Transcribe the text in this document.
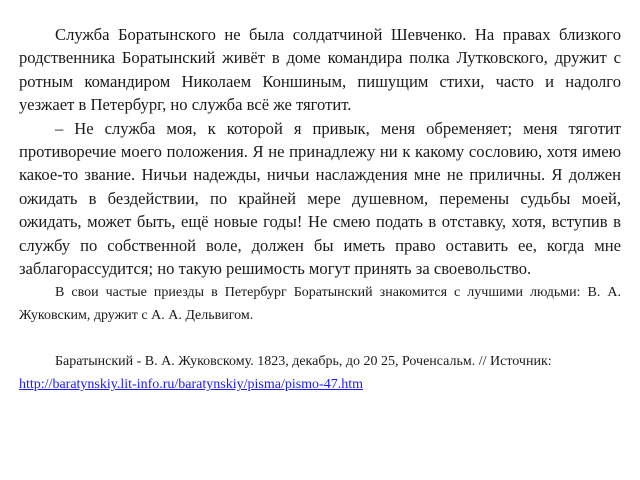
Служба Боратынского не была солдатчиной Шевченко. На правах близкого родственника Боратынский живёт в доме командира полка Лутковского, дружит с ротным командиром Николаем Коншиным, пишущим стихи, часто и надолго уезжает в Петербург, но служба всё же тяготит.

– Не служба моя, к которой я привык, меня обременяет; меня тяготит противоречие моего положения. Я не принадлежу ни к какому сословию, хотя имею какое-то звание. Ничьи надежды, ничьи наслаждения мне не приличны. Я должен ожидать в бездействии, по крайней мере душевном, перемены судьбы моей, ожидать, может быть, ещё новые годы! Не смею подать в отставку, хотя, вступив в службу по собственной воле, должен бы иметь право оставить ее, когда мне заблагорассудится; но такую решимость могут принять за своевольство.

В свои частые приезды в Петербург Боратынский знакомится с лучшими людьми: В. А. Жуковским, дружит с А. А. Дельвигом.

Баратынский - В. А. Жуковскому. 1823, декабрь, до 20 25, Роченсальм. // Источник:
http://baratynskiy.lit-info.ru/baratynskiy/pisma/pismo-47.htm
